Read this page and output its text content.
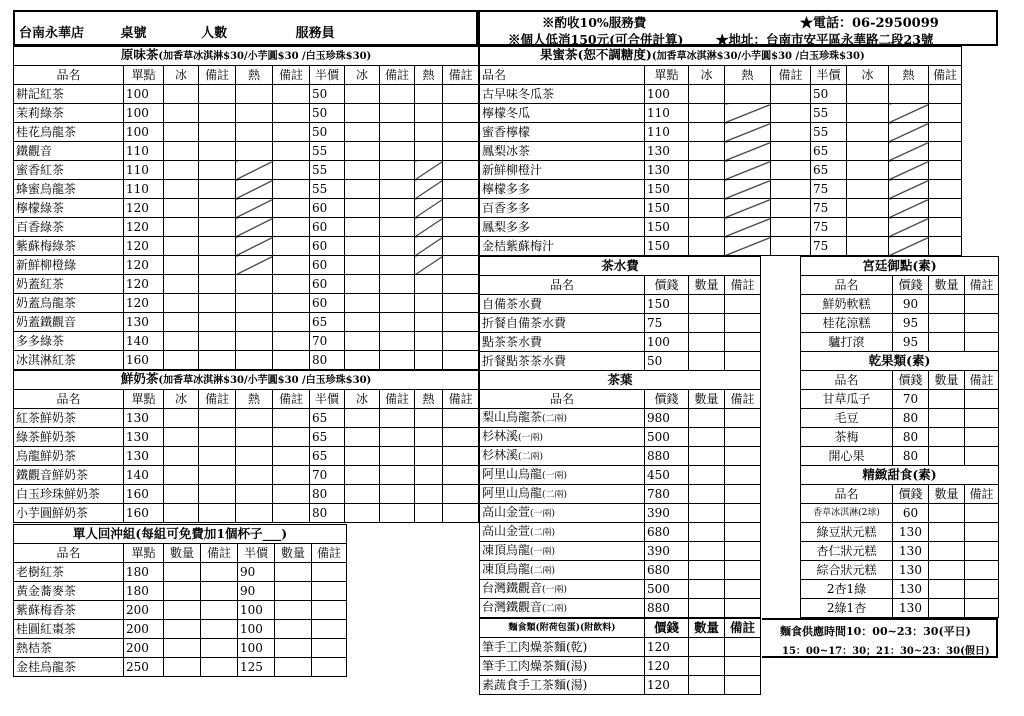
台南永華店	桌號	人數	服務員
※酌收10%服務費	★電話：06-2950099
※個人低消150元(可合併計算)	★地址：台南市安平區永華路二段23號
原味茶(加香草冰淇淋$30/小芋圓$30 /白玉珍珠$30)										
品名	單點	冰	備註	熱	備註	半價	冰	備註	熱	備註
耕記紅茶	100					50				
茉莉綠茶	100					50				
桂花烏龍茶	100					50				
鐵觀音	110					55				
蜜香紅茶	110					55				
蜂蜜烏龍茶	110					55				
檸檬綠茶	120					60				
百香綠茶	120					60				
紫蘇梅綠茶	120					60				
新鮮柳橙綠	120					60				
奶蓋紅茶	120					60				
奶蓋烏龍茶	120					60				
奶蓋鐵觀音	130					65				
多多綠茶	140					70				
冰淇淋紅茶	160					80				
鮮奶茶(加香草冰淇淋$30/小芋圓$30 /白玉珍珠$30)										
品名	單點	冰	備註	熱	備註	半價	冰	備註	熱	備註
紅茶鮮奶茶	130					65				
綠茶鮮奶茶	130					65				
烏龍鮮奶茶	130					65				
鐵觀音鮮奶茶	140					70				
白玉珍珠鮮奶茶	160					80				
小芋圓鮮奶茶	160					80				
單人回沖組(每組可免費加1個杯子___)						
品名	單點	數量	備註	半價	數量	備註
老樹紅茶	180			90		
黃金蕎麥茶	180			90		
紫蘇梅香茶	200			100		
桂圓紅棗茶	200			100		
熱桔茶	200			100		
金桂烏龍茶	250			125		
果蜜茶(恕不調糖度)(加香草冰淇淋$30/小芋圓$30 /白玉珍珠$30)								
品名	單點	冰	熱	備註	半價	冰	熱	備註
古早味冬瓜茶	100				50			
檸檬冬瓜	110				55			
蜜香檸檬	110				55			
鳳梨冰茶	130				65			
新鮮柳橙汁	130				65			
檸檬多多	150				75			
百香多多	150				75			
鳳梨多多	150				75			
金桔紫蘇梅汁	150				75			
茶水費			
品名	價錢	數量	備註
自備茶水費	150		
折餐自備茶水費	75		
點茶茶水費	100		
折餐點茶茶水費	50		
茶葉			
品名	價錢	數量	備註
梨山烏龍茶(二兩)	980		
杉林溪(一兩)	500		
杉林溪(二兩)	880		
阿里山烏龍(一兩)	450		
阿里山烏龍(二兩)	780		
高山金萱(一兩)	390		
高山金萱(二兩)	680		
凍頂烏龍(一兩)	390		
凍頂烏龍(二兩)	680		
台灣鐵觀音(一兩)	500		
台灣鐵觀音(二兩)	880		
麵食類(附荷包蛋)(附飲料)	價錢	數量	備註
筆手工肉燥茶麵(乾)	120		
筆手工肉燥茶麵(湯)	120		
素蔬食手工茶麵(湯)	120		
宮廷御點(素)			
品名	價錢	數量	備註
鮮奶軟糕	90		
桂花涼糕	95		
驢打滾	95		
乾果類(素)			
品名	價錢	數量	備註
甘草瓜子	70		
毛豆	80		
茶梅	80		
開心果	80		
精緻甜食(素)			
品名	價錢	數量	備註
香草冰淇淋(2球)	60		
綠豆狀元糕	130		
杏仁狀元糕	130		
綜合狀元糕	130		
2杏1綠	130		
2綠1杏	130		
麵食供應時間10：00~23：30(平日)
15：00~17：30；21：30~23：30(假日)
